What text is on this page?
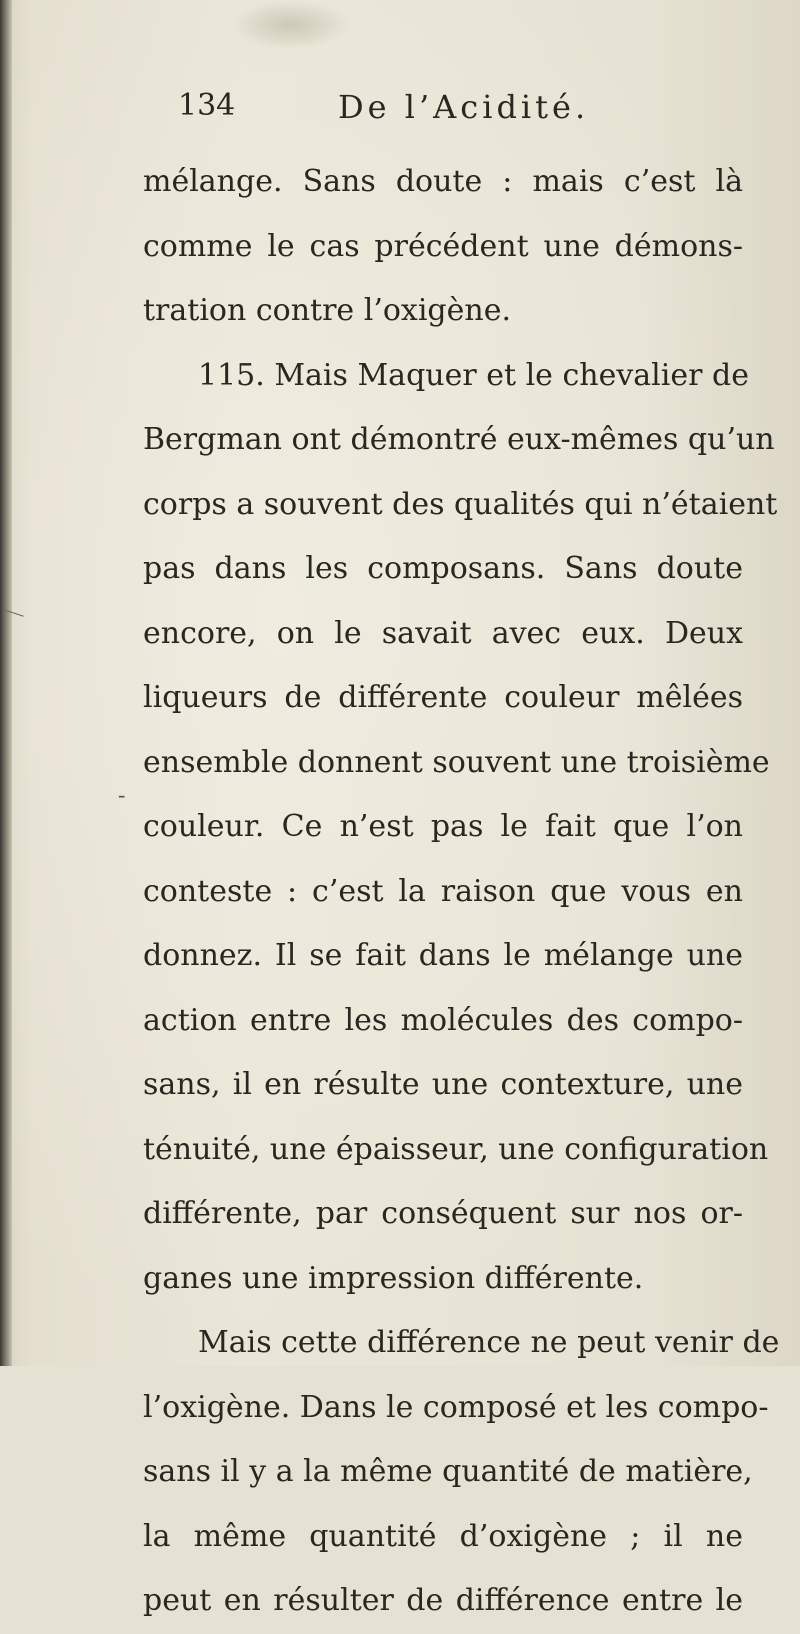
-
134	De l’Acidité.
mélange. Sans doute : mais c’est là
comme le cas précédent une démons-
tration contre l’oxigène.
115. Mais Maquer et le chevalier de
Bergman ont démontré eux-mêmes qu’un
corps a souvent des qualités qui n’étaient
pas dans les composans. Sans doute
encore, on le savait avec eux. Deux
liqueurs de différente couleur mêlées
ensemble donnent souvent une troisième
couleur. Ce n’est pas le fait que l’on
conteste : c’est la raison que vous en
donnez. Il se fait dans le mélange une
action entre les molécules des compo-
sans, il en résulte une contexture, une
ténuité, une épaisseur, une configuration
différente, par conséquent sur nos or-
ganes une impression différente.
Mais cette différence ne peut venir de
l’oxigène. Dans le composé et les compo-
sans il y a la même quantité de matière,
la même quantité d’oxigène ; il ne
peut en résulter de différence entre le
